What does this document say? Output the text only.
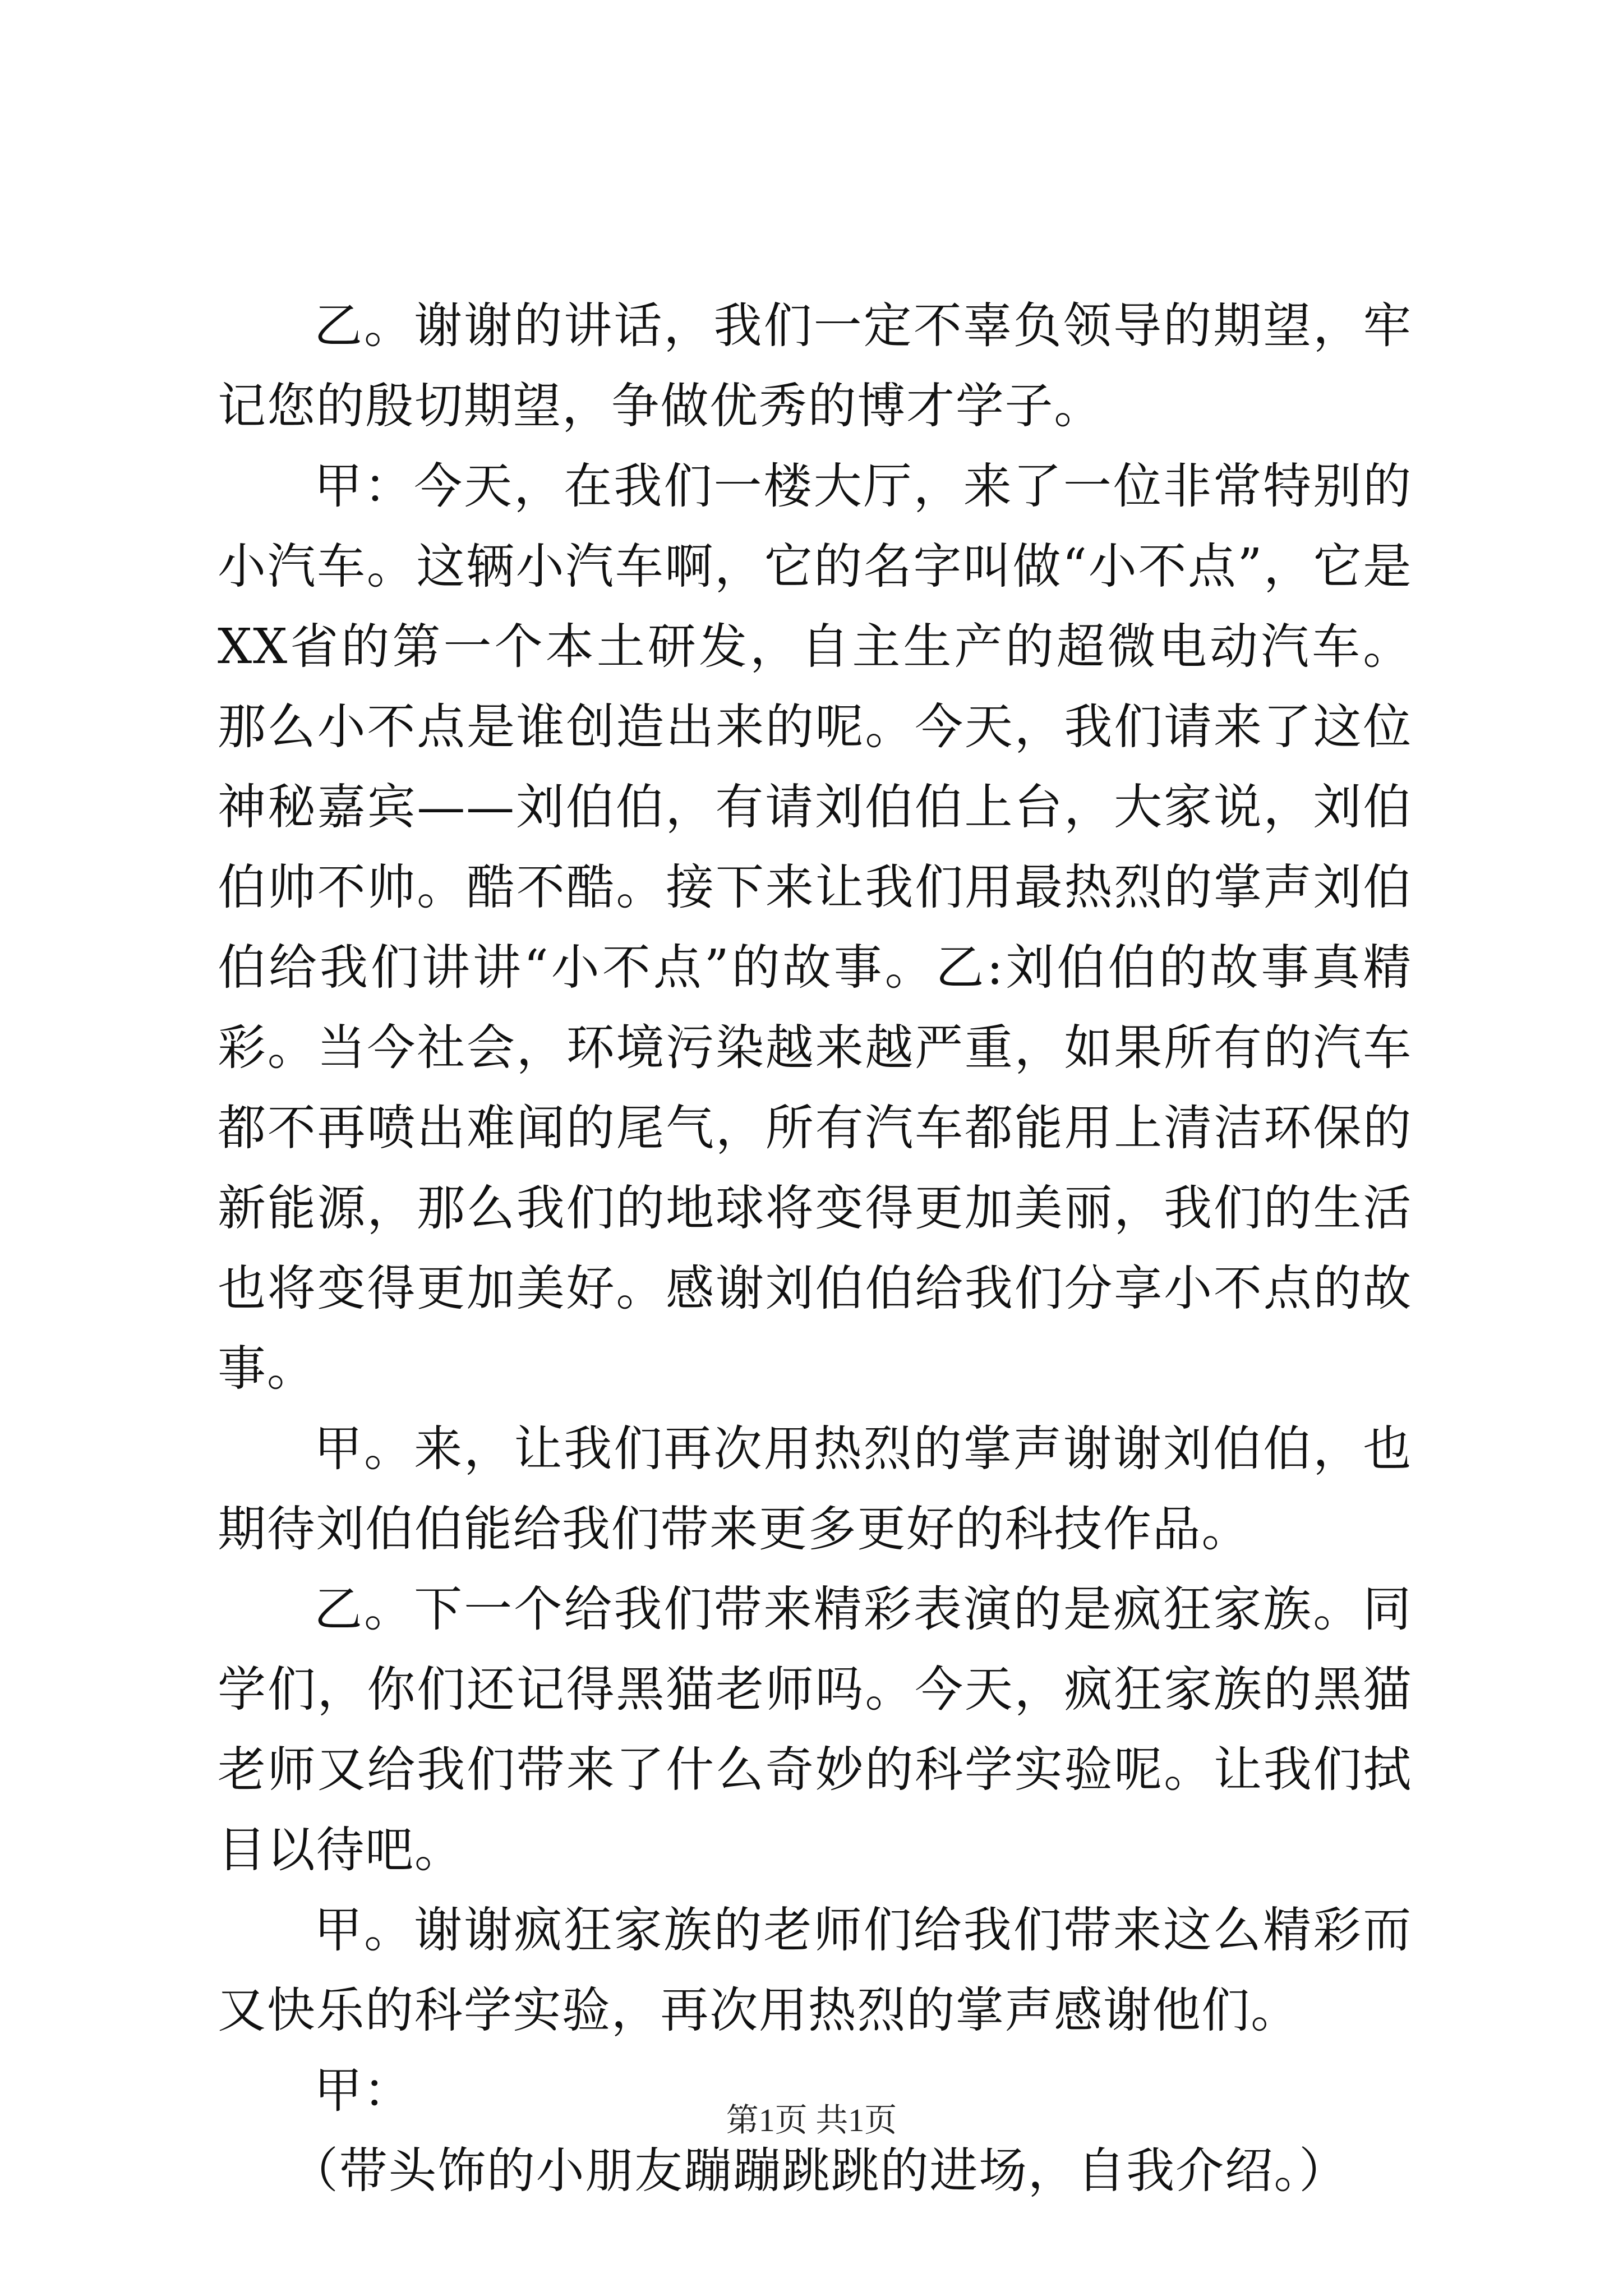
乙。谢谢的讲话，我们一定不辜负领导的期望，牢记您的殷切期望，争做优秀的博才学子。

甲：今天，在我们一楼大厅，来了一位非常特别的小汽车。这辆小汽车啊，它的名字叫做“小不点”，它是XX省的第一个本土研发，自主生产的超微电动汽车。那么小不点是谁创造出来的呢。今天，我们请来了这位神秘嘉宾——刘伯伯，有请刘伯伯上台，大家说，刘伯伯帅不帅。酷不酷。接下来让我们用最热烈的掌声刘伯伯给我们讲讲“小不点”的故事。乙:刘伯伯的故事真精彩。当今社会，环境污染越来越严重，如果所有的汽车都不再喷出难闻的尾气，所有汽车都能用上清洁环保的新能源，那么我们的地球将变得更加美丽，我们的生活也将变得更加美好。感谢刘伯伯给我们分享小不点的故事。

甲。来，让我们再次用热烈的掌声谢谢刘伯伯，也期待刘伯伯能给我们带来更多更好的科技作品。

乙。下一个给我们带来精彩表演的是疯狂家族。同学们，你们还记得黑猫老师吗。今天，疯狂家族的黑猫老师又给我们带来了什么奇妙的科学实验呢。让我们拭目以待吧。

甲。谢谢疯狂家族的老师们给我们带来这么精彩而又快乐的科学实验，再次用热烈的掌声感谢他们。

甲：

（带头饰的小朋友蹦蹦跳跳的进场，自我介绍。）

第1页 共1页
